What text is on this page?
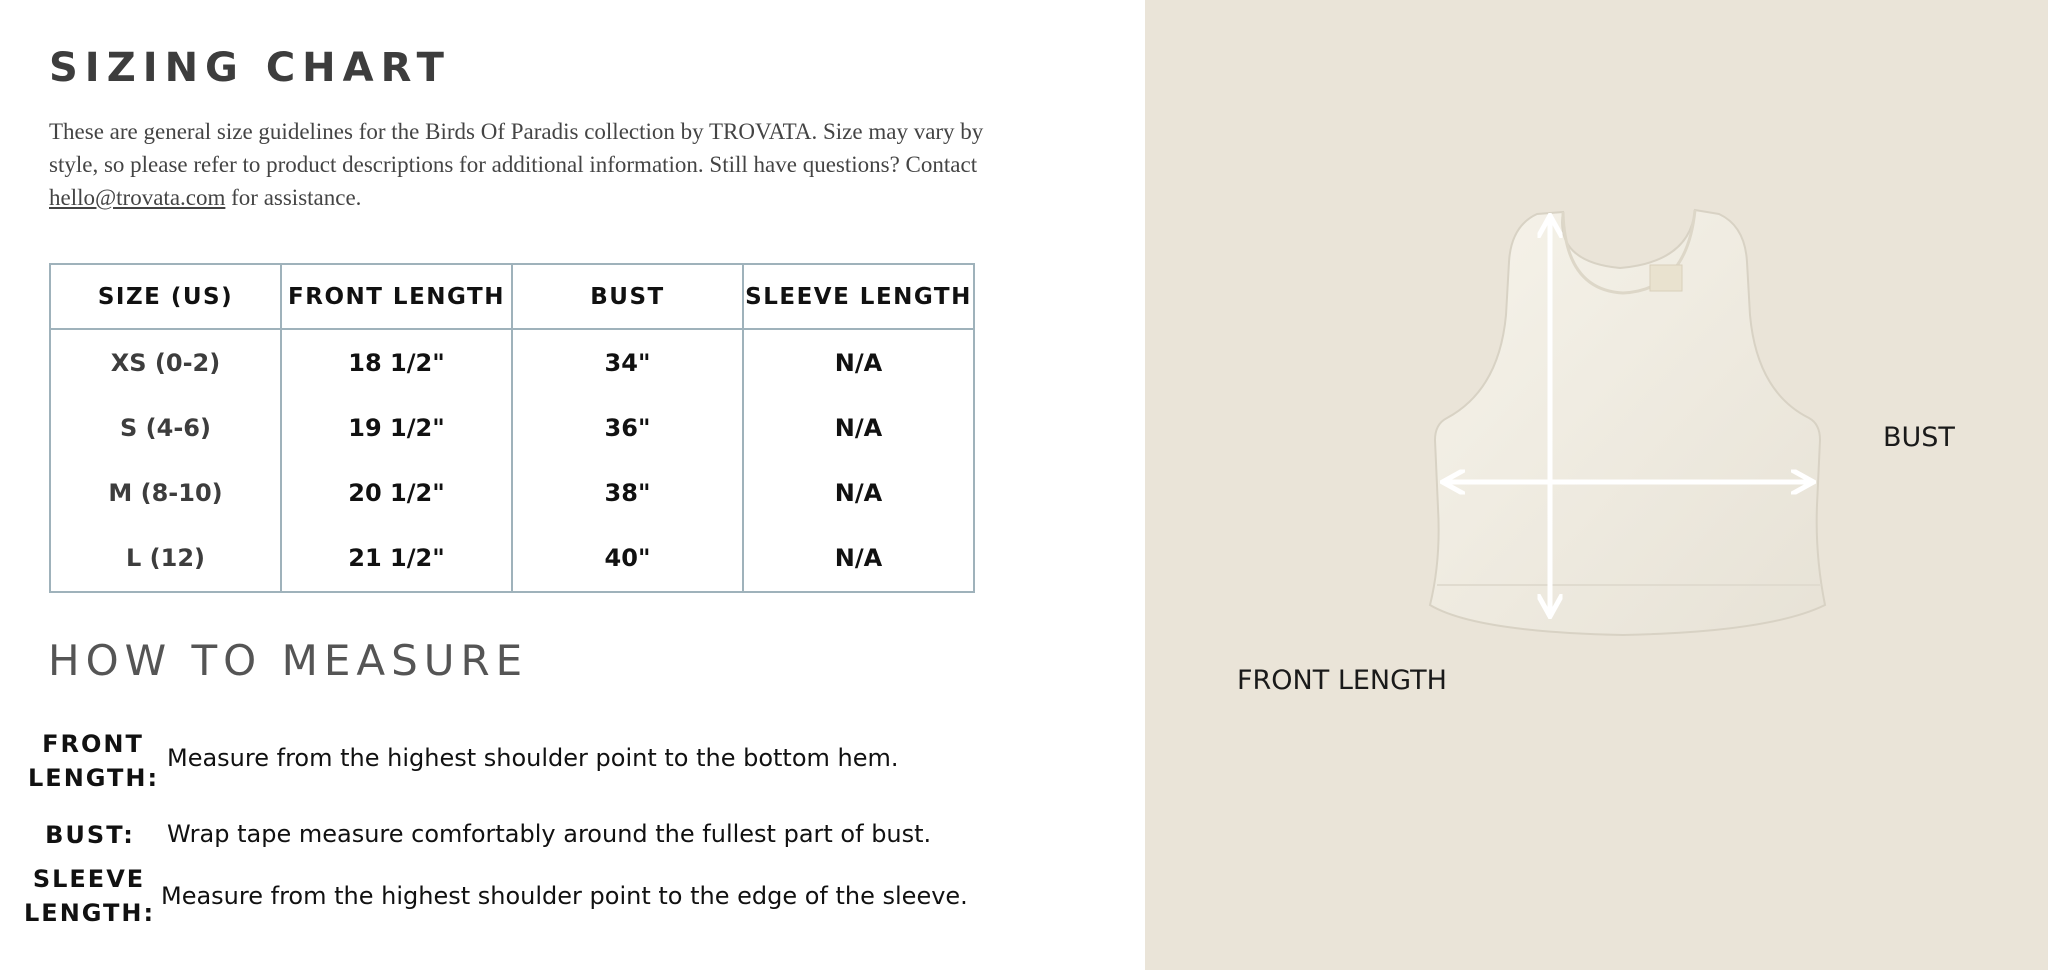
SIZING CHART

These are general size guidelines for the Birds Of Paradis collection by TROVATA. Size may vary by style, so please refer to product descriptions for additional information. Still have questions? Contact hello@trovata.com for assistance.

SIZE (US)	FRONT LENGTH	BUST	SLEEVE LENGTH
XS (0-2)	18 1/2"	34"	N/A
S (4-6)	19 1/2"	36"	N/A
M (8-10)	20 1/2"	38"	N/A
L (12)	21 1/2"	40"	N/A
HOW TO MEASURE
FRONT
LENGTH:

Measure from the highest shoulder point to the bottom hem.

BUST:	Wrap tape measure comfortably around the fullest part of bust.

SLEEVE
LENGTH:

Measure from the highest shoulder point to the edge of the sleeve.

BUST
FRONT LENGTH
